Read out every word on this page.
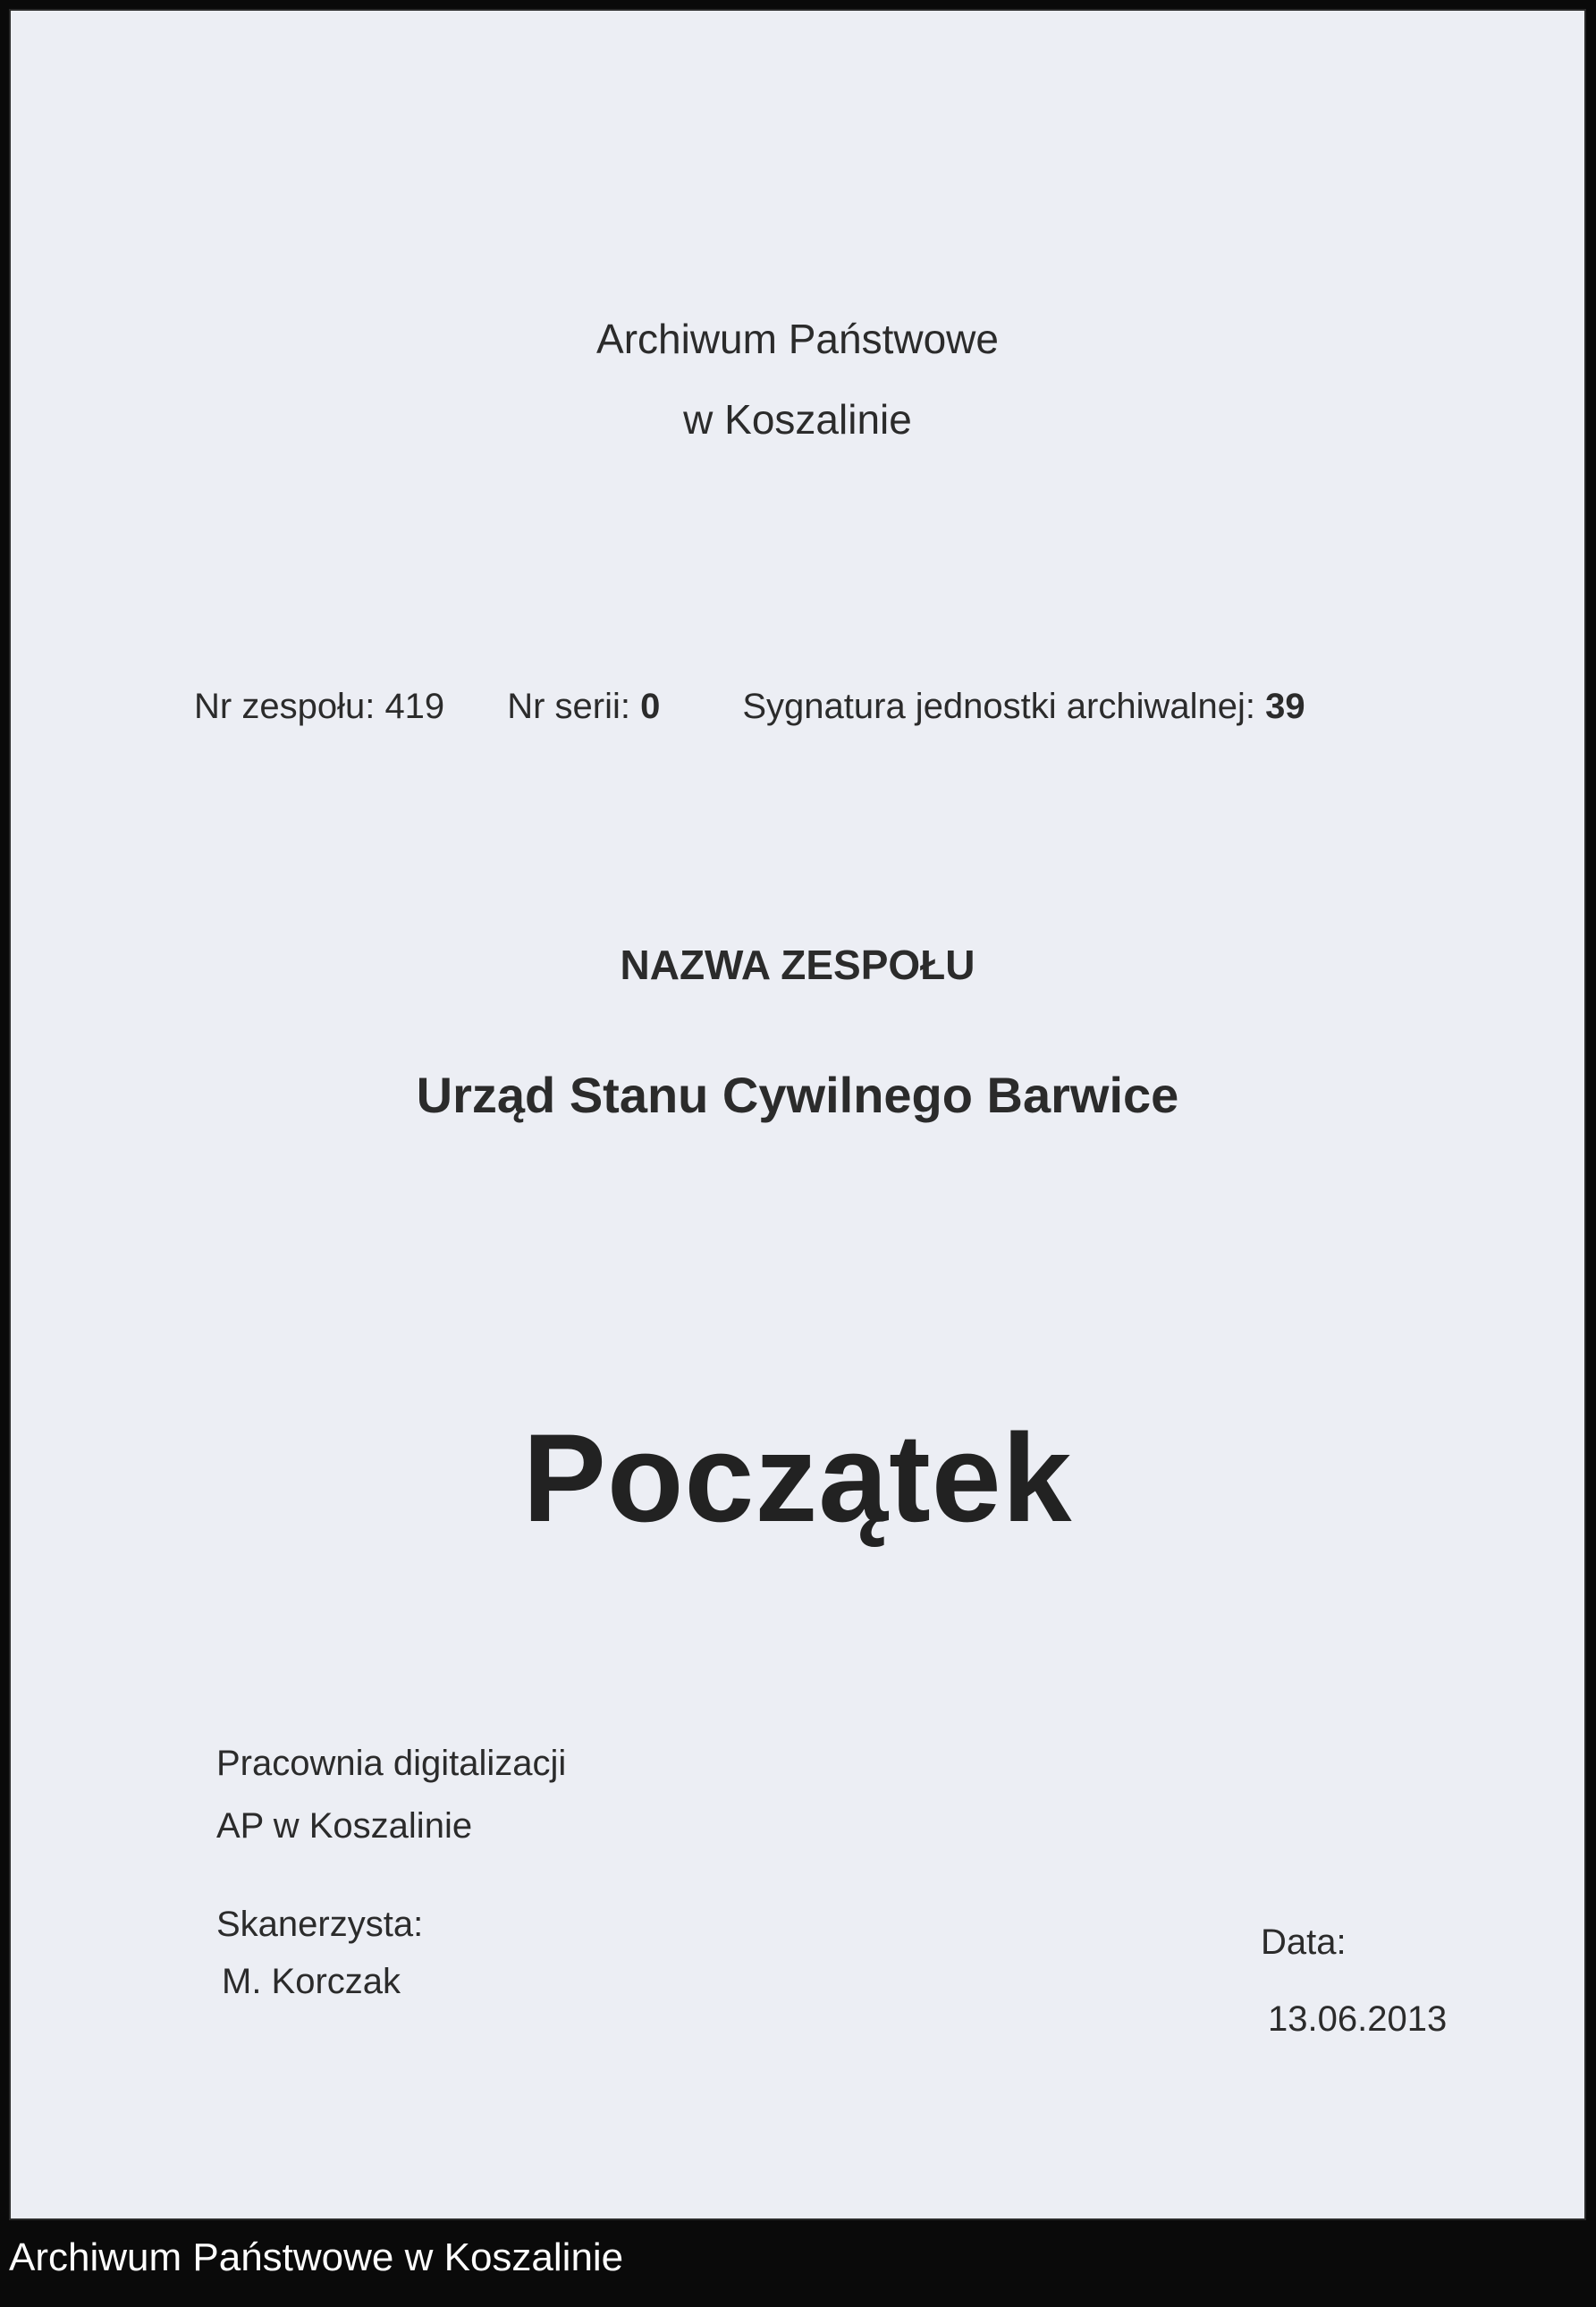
Archiwum Państwowe
w Koszalinie
Nr zespołu: 419 Nr serii: 0 Sygnatura jednostki archiwalnej: 39
NAZWA ZESPOŁU
Urząd Stanu Cywilnego Barwice
Początek
Pracownia digitalizacji
AP w Koszalinie
Skanerzysta:
M. Korczak
Data:
13.06.2013
Archiwum Państwowe w Koszalinie
